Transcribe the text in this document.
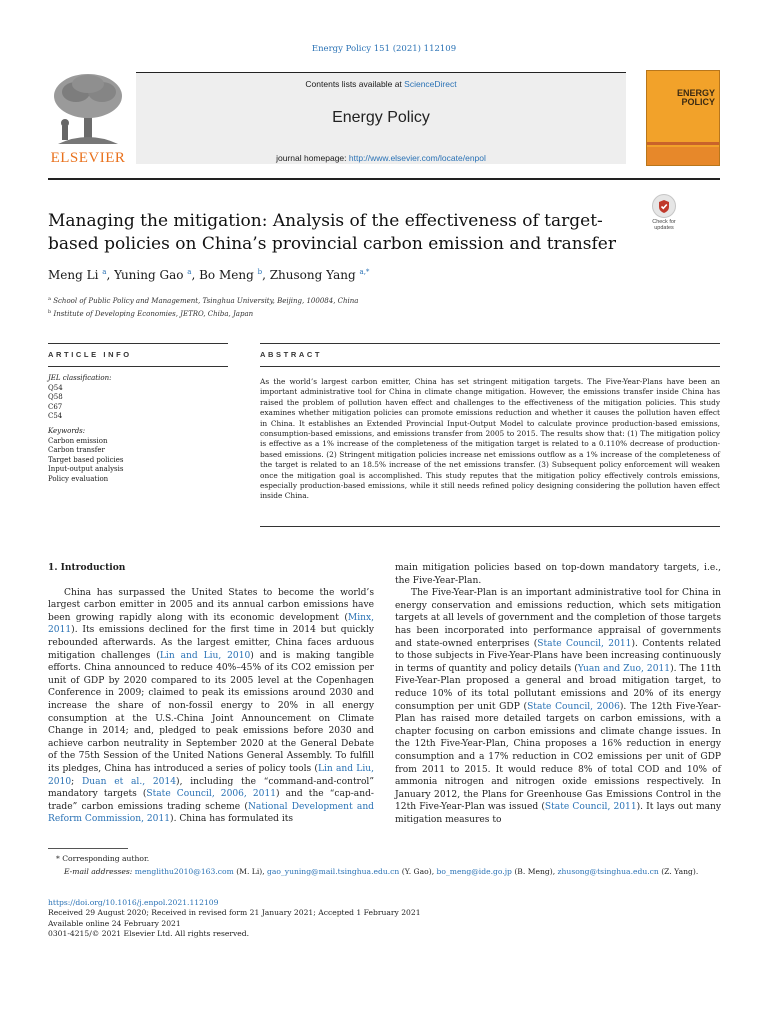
Energy Policy 151 (2021) 112109
ELSEVIER
Contents lists available at ScienceDirect
Energy Policy
journal homepage: http://www.elsevier.com/locate/enpol
ENERGY
POLICY
Check for
updates
Managing the mitigation: Analysis of the effectiveness of target-based policies on China’s provincial carbon emission and transfer
Meng Li $^a$, Yuning Gao $^a$, Bo Meng $^b$, Zhusong Yang $^{a,*}$
$^a$ School of Public Policy and Management, Tsinghua University, Beijing, 100084, China
$^b$ Institute of Developing Economies, JETRO, Chiba, Japan
ARTICLE INFO	ABSTRACT
JEL classification:
Q54
Q58
C67
C54
Keywords:
Carbon emission
Carbon transfer
Target based policies
Input-output analysis
Policy evaluation
As the world’s largest carbon emitter, China has set stringent mitigation targets. The Five-Year-Plans have been an important administrative tool for China in climate change mitigation. However, the emissions transfer inside China has raised the problem of pollution haven effect and challenges to the effectiveness of the mitigation policies. This study examines whether mitigation policies can promote emissions reduction and whether it causes the pollution haven effect in China. It establishes an Extended Provincial Input-Output Model to calculate province production-based emissions, consumption-based emissions, and emissions transfer from 2005 to 2015. The results show that: (1) The mitigation policy is effective as a 1% increase of the completeness of the mitigation target is related to a 0.110% decrease of production-based emissions. (2) Stringent mitigation policies increase net emissions outflow as a 1% increase of the completeness of the target is related to an 18.5% increase of the net emissions transfer. (3) Subsequent policy enforcement will weaken once the mitigation goal is accomplished. This study reputes that the mitigation policy effectively controls emissions, especially production-based emissions, while it still needs refined policy designing considering the pollution haven effect inside China.
1. Introduction

China has surpassed the United States to become the world’s largest carbon emitter in 2005 and its annual carbon emissions have been growing rapidly along with its economic development (Minx, 2011). Its emissions declined for the first time in 2014 but quickly rebounded afterwards. As the largest emitter, China faces arduous mitigation challenges (Lin and Liu, 2010) and is making tangible efforts. China announced to reduce 40%–45% of its CO2 emission per unit of GDP by 2020 compared to its 2005 level at the Copenhagen Conference in 2009; claimed to peak its emissions around 2030 and increase the share of non-fossil energy to 20% in all energy consumption at the U.S.-China Joint Announcement on Climate Change in 2014; and, pledged to peak emissions before 2030 and achieve carbon neutrality in September 2020 at the General Debate of the 75th Session of the United Nations General Assembly. To fulfill its pledges, China has introduced a series of policy tools (Lin and Liu, 2010; Duan et al., 2014), including the “command-and-control” mandatory targets (State Council, 2006, 2011) and the “cap-and-trade” carbon emissions trading scheme (National Development and Reform Commission, 2011). China has formulated its

main mitigation policies based on top-down mandatory targets, i.e., the Five-Year-Plan.

The Five-Year-Plan is an important administrative tool for China in energy conservation and emissions reduction, which sets mitigation targets at all levels of government and the completion of those targets has been incorporated into performance appraisal of governments and state-owned enterprises (State Council, 2011). Contents related to those subjects in Five-Year-Plans have been increasing continuously in terms of quantity and policy details (Yuan and Zuo, 2011). The 11th Five-Year-Plan proposed a general and broad mitigation target, to reduce 10% of its total pollutant emissions and 20% of its energy consumption per unit GDP (State Council, 2006). The 12th Five-Year-Plan has raised more detailed targets on carbon emissions, with a chapter focusing on carbon emissions and climate change issues. In the 12th Five-Year-Plan, China proposes a 16% reduction in energy consumption and a 17% reduction in CO2 emissions per unit of GDP from 2011 to 2015. It would reduce 8% of total COD and 10% of ammonia nitrogen and nitrogen oxide emissions respectively. In January 2012, the Plans for Greenhouse Gas Emissions Control in the 12th Five-Year-Plan was issued (State Council, 2011). It lays out many mitigation measures to

* Corresponding author.
E-mail addresses: menglithu2010@163.com (M. Li), gao_yuning@mail.tsinghua.edu.cn (Y. Gao), bo_meng@ide.go.jp (B. Meng), zhusong@tsinghua.edu.cn (Z. Yang).
https://doi.org/10.1016/j.enpol.2021.112109
Received 29 August 2020; Received in revised form 21 January 2021; Accepted 1 February 2021
Available online 24 February 2021
0301-4215/© 2021 Elsevier Ltd. All rights reserved.
